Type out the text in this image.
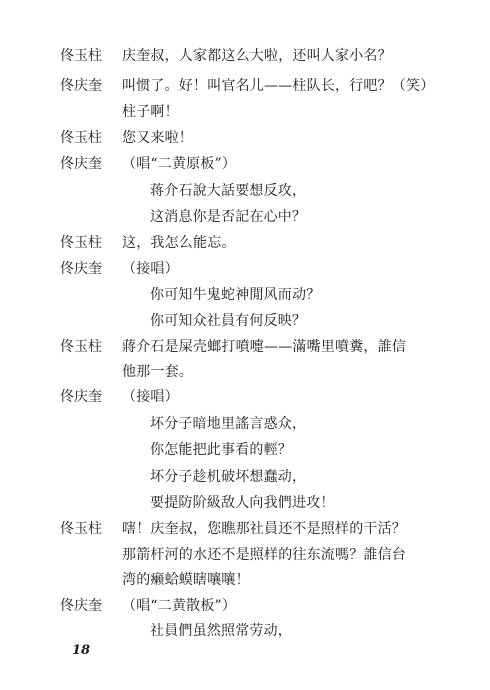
佟玉柱 庆奎叔，人家都这么大啦，还叫人家小名？
佟庆奎 叫惯了。好！叫官名儿——柱队长，行吧？（笑）
柱子啊！
佟玉柱 您又来啦！
佟庆奎 （唱“二黄原板”）
蒋介石說大話要想反攻，
这消息你是否記在心中？
佟玉柱 这，我怎么能忘。
佟庆奎 （接唱）
你可知牛鬼蛇神閒风而动？
你可知众社員有何反映？
佟玉柱 蔣介石是屎壳螂打噴嚏——滿嘴里噴糞，誰信
他那一套。
佟庆奎 （接唱）
坏分子暗地里謠言惑众，
你怎能把此事看的輕？
坏分子趁机破坏想蠢动，
要提防阶級敌人向我們进攻！
佟玉柱 嗐！庆奎叔，您瞧那社員还不是照样的干活？
那箭杆河的水还不是照样的往东流嗎？誰信台
湾的癞蛤蟆瞎嚷嚷！
佟庆奎 （唱“二黄散板”）
社員們虽然照常劳动，
18
